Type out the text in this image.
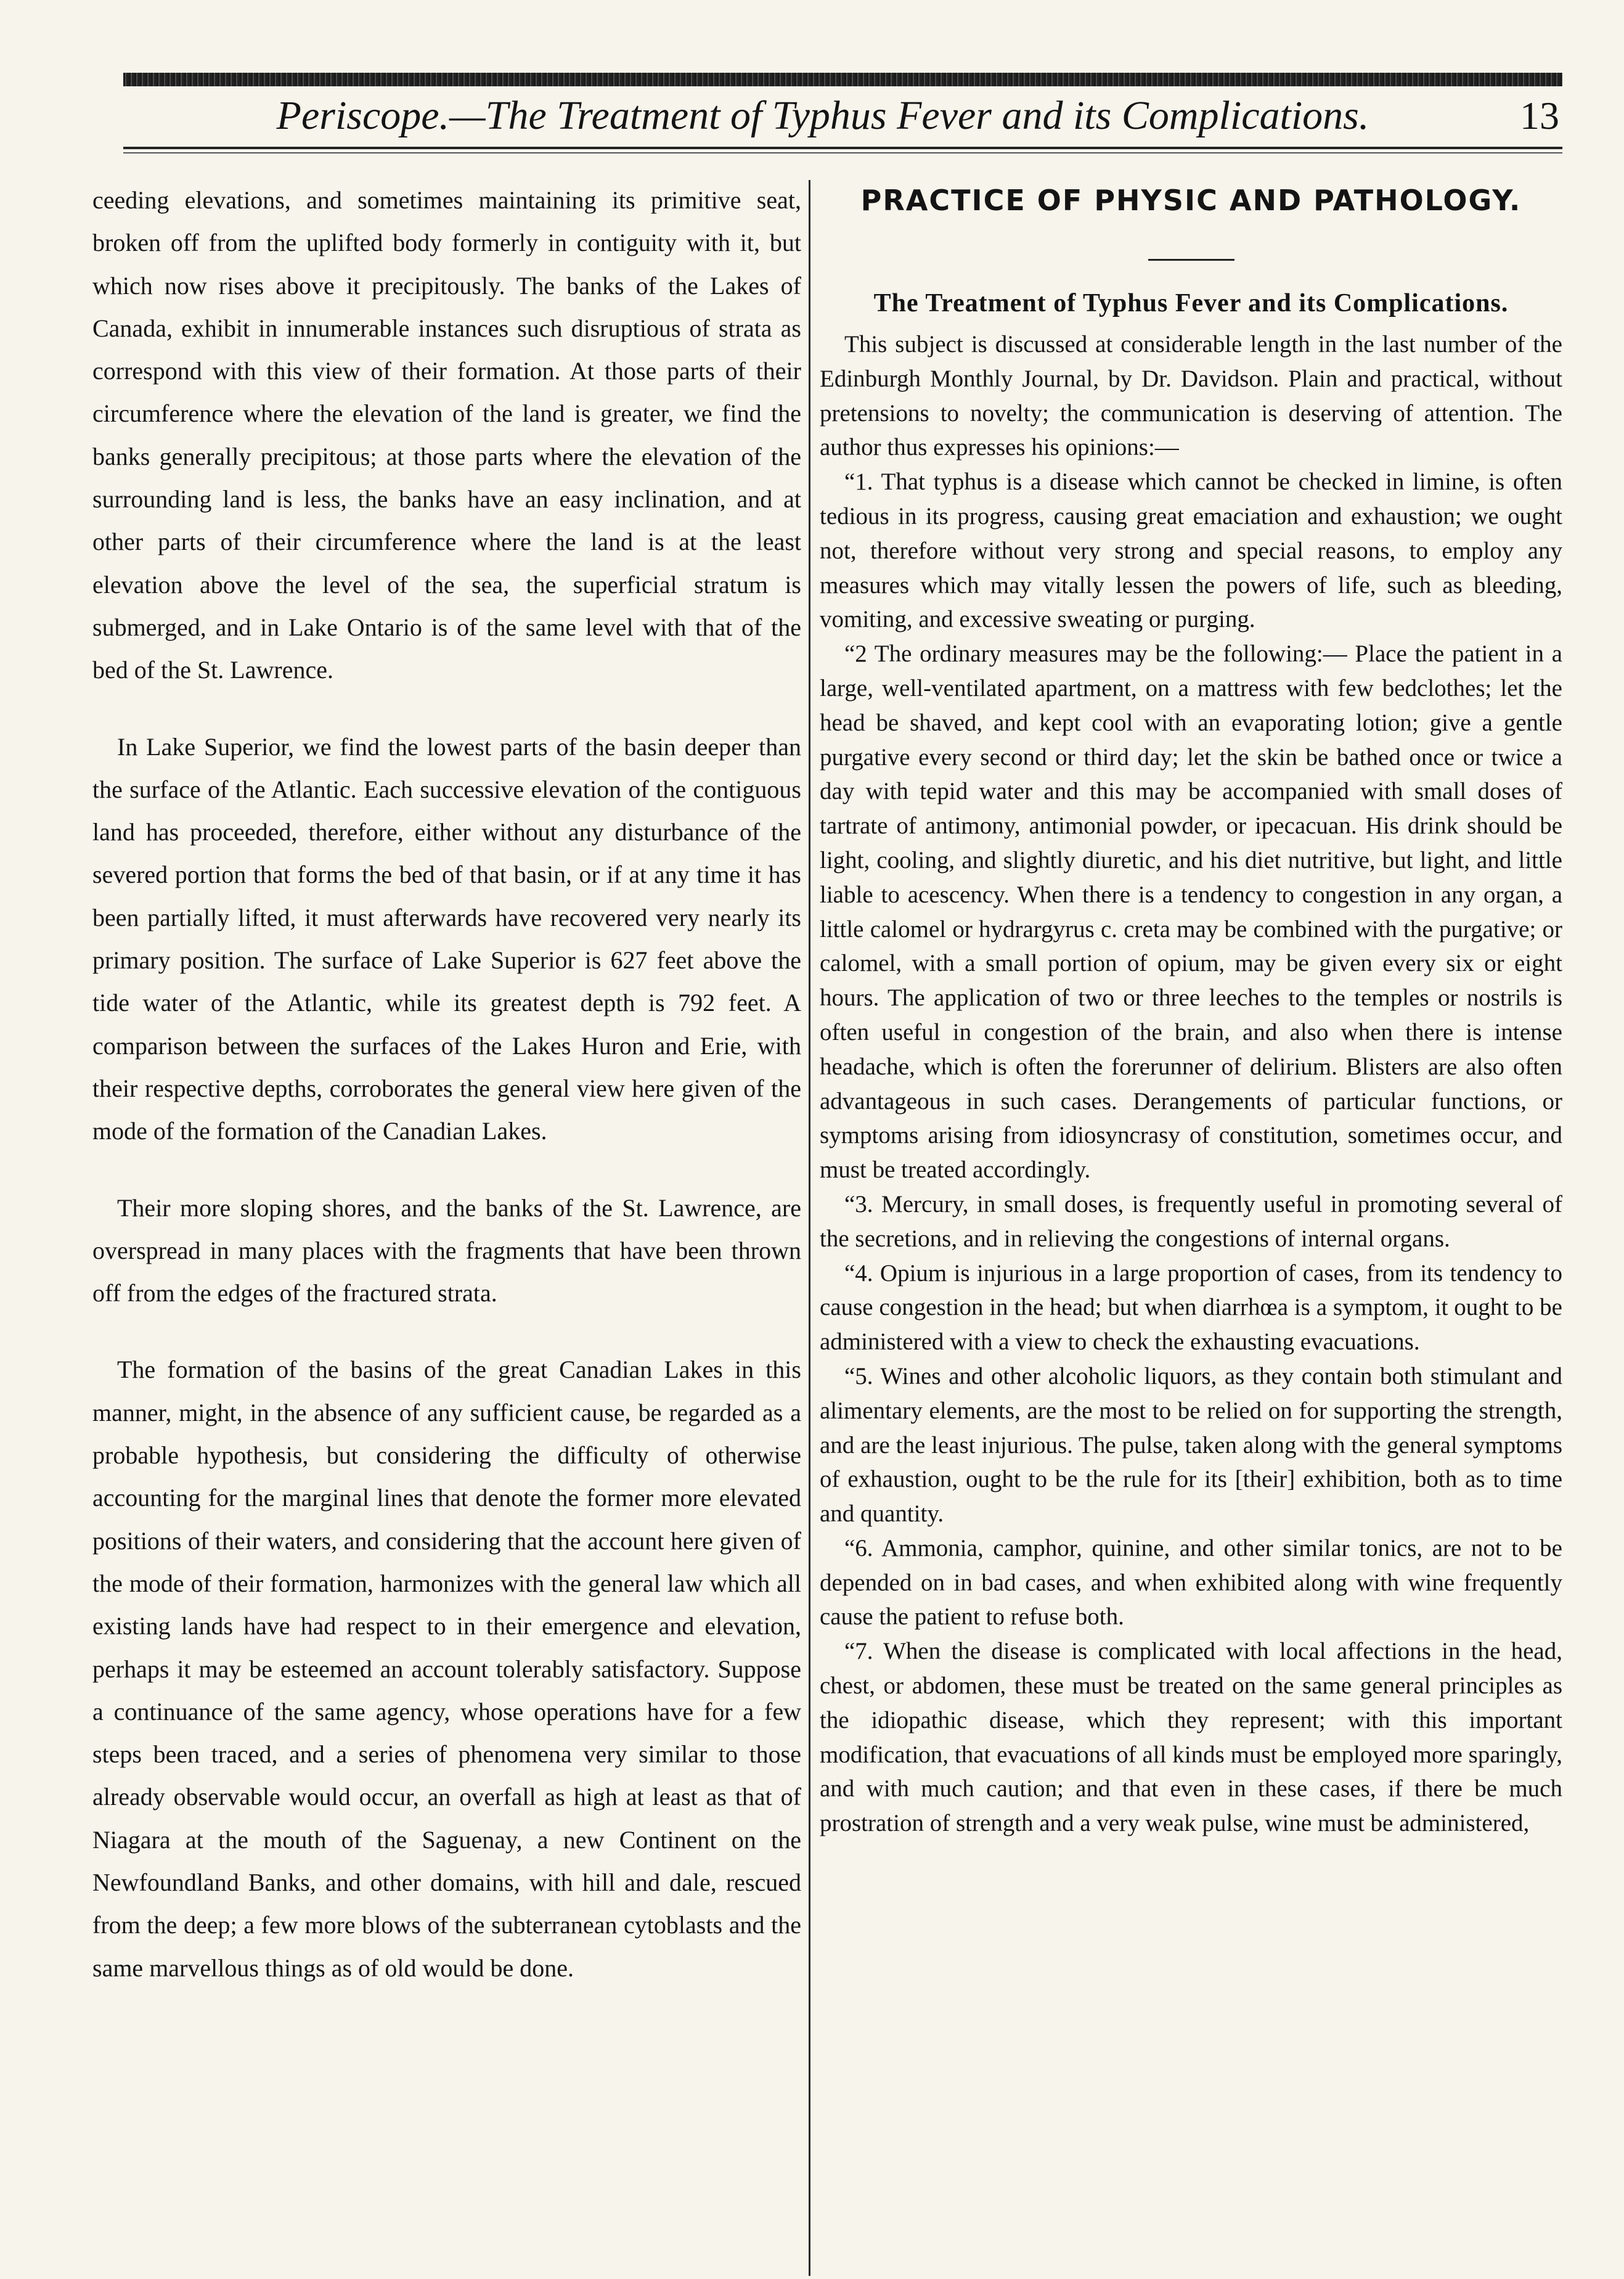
Periscope.—The Treatment of Typhus Fever and its Complications.	13

ceeding elevations, and sometimes maintaining its primitive seat, broken off from the uplifted body formerly in contiguity with it, but which now rises above it precipitously. The banks of the Lakes of Canada, exhibit in innumerable instances such disruptious of strata as correspond with this view of their formation. At those parts of their circumference where the elevation of the land is greater, we find the banks generally precipitous; at those parts where the elevation of the surrounding land is less, the banks have an easy inclination, and at other parts of their circumference where the land is at the least elevation above the level of the sea, the superficial stratum is submerged, and in Lake Ontario is of the same level with that of the bed of the St. Lawrence.

In Lake Superior, we find the lowest parts of the basin deeper than the surface of the Atlantic. Each successive elevation of the contiguous land has proceeded, therefore, either without any disturbance of the severed portion that forms the bed of that basin, or if at any time it has been partially lifted, it must afterwards have recovered very nearly its primary position. The surface of Lake Superior is 627 feet above the tide water of the Atlantic, while its greatest depth is 792 feet. A comparison between the surfaces of the Lakes Huron and Erie, with their respective depths, corroborates the general view here given of the mode of the formation of the Canadian Lakes.

Their more sloping shores, and the banks of the St. Lawrence, are overspread in many places with the fragments that have been thrown off from the edges of the fractured strata.

The formation of the basins of the great Canadian Lakes in this manner, might, in the absence of any sufficient cause, be regarded as a probable hypothesis, but considering the difficulty of otherwise accounting for the marginal lines that denote the former more elevated positions of their waters, and considering that the account here given of the mode of their formation, harmonizes with the general law which all existing lands have had respect to in their emergence and elevation, perhaps it may be esteemed an account tolerably satisfactory. Suppose a continuance of the same agency, whose operations have for a few steps been traced, and a series of phenomena very similar to those already observable would occur, an overfall as high at least as that of Niagara at the mouth of the Saguenay, a new Continent on the Newfoundland Banks, and other domains, with hill and dale, rescued from the deep; a few more blows of the subterranean cytoblasts and the same marvellous things as of old would be done.

PRACTICE OF PHYSIC AND PATHOLOGY.
The Treatment of Typhus Fever and its Complications.

This subject is discussed at considerable length in the last number of the Edinburgh Monthly Journal, by Dr. Davidson. Plain and practical, without pretensions to novelty; the communication is deserving of attention. The author thus expresses his opinions:—

“1. That typhus is a disease which cannot be checked in limine, is often tedious in its progress, causing great emaciation and exhaustion; we ought not, therefore without very strong and special reasons, to employ any measures which may vitally lessen the powers of life, such as bleeding, vomiting, and excessive sweating or purging.

“2 The ordinary measures may be the following:— Place the patient in a large, well-ventilated apartment, on a mattress with few bedclothes; let the head be shaved, and kept cool with an evaporating lotion; give a gentle purgative every second or third day; let the skin be bathed once or twice a day with tepid water and this may be accompanied with small doses of tartrate of antimony, antimonial powder, or ipecacuan. His drink should be light, cooling, and slightly diuretic, and his diet nutritive, but light, and little liable to acescency. When there is a tendency to congestion in any organ, a little calomel or hydrargyrus c. creta may be combined with the purgative; or calomel, with a small portion of opium, may be given every six or eight hours. The application of two or three leeches to the temples or nostrils is often useful in congestion of the brain, and also when there is intense headache, which is often the forerunner of delirium. Blisters are also often advantageous in such cases. Derangements of particular functions, or symptoms arising from idiosyncrasy of constitution, sometimes occur, and must be treated accordingly.

“3. Mercury, in small doses, is frequently useful in promoting several of the secretions, and in relieving the congestions of internal organs.

“4. Opium is injurious in a large proportion of cases, from its tendency to cause congestion in the head; but when diarrhœa is a symptom, it ought to be administered with a view to check the exhausting evacuations.

“5. Wines and other alcoholic liquors, as they contain both stimulant and alimentary elements, are the most to be relied on for supporting the strength, and are the least injurious. The pulse, taken along with the general symptoms of exhaustion, ought to be the rule for its [their] exhibition, both as to time and quantity.

“6. Ammonia, camphor, quinine, and other similar tonics, are not to be depended on in bad cases, and when exhibited along with wine frequently cause the patient to refuse both.

“7. When the disease is complicated with local affections in the head, chest, or abdomen, these must be treated on the same general principles as the idiopathic disease, which they represent; with this important modification, that evacuations of all kinds must be employed more sparingly, and with much caution; and that even in these cases, if there be much prostration of strength and a very weak pulse, wine must be administered,
